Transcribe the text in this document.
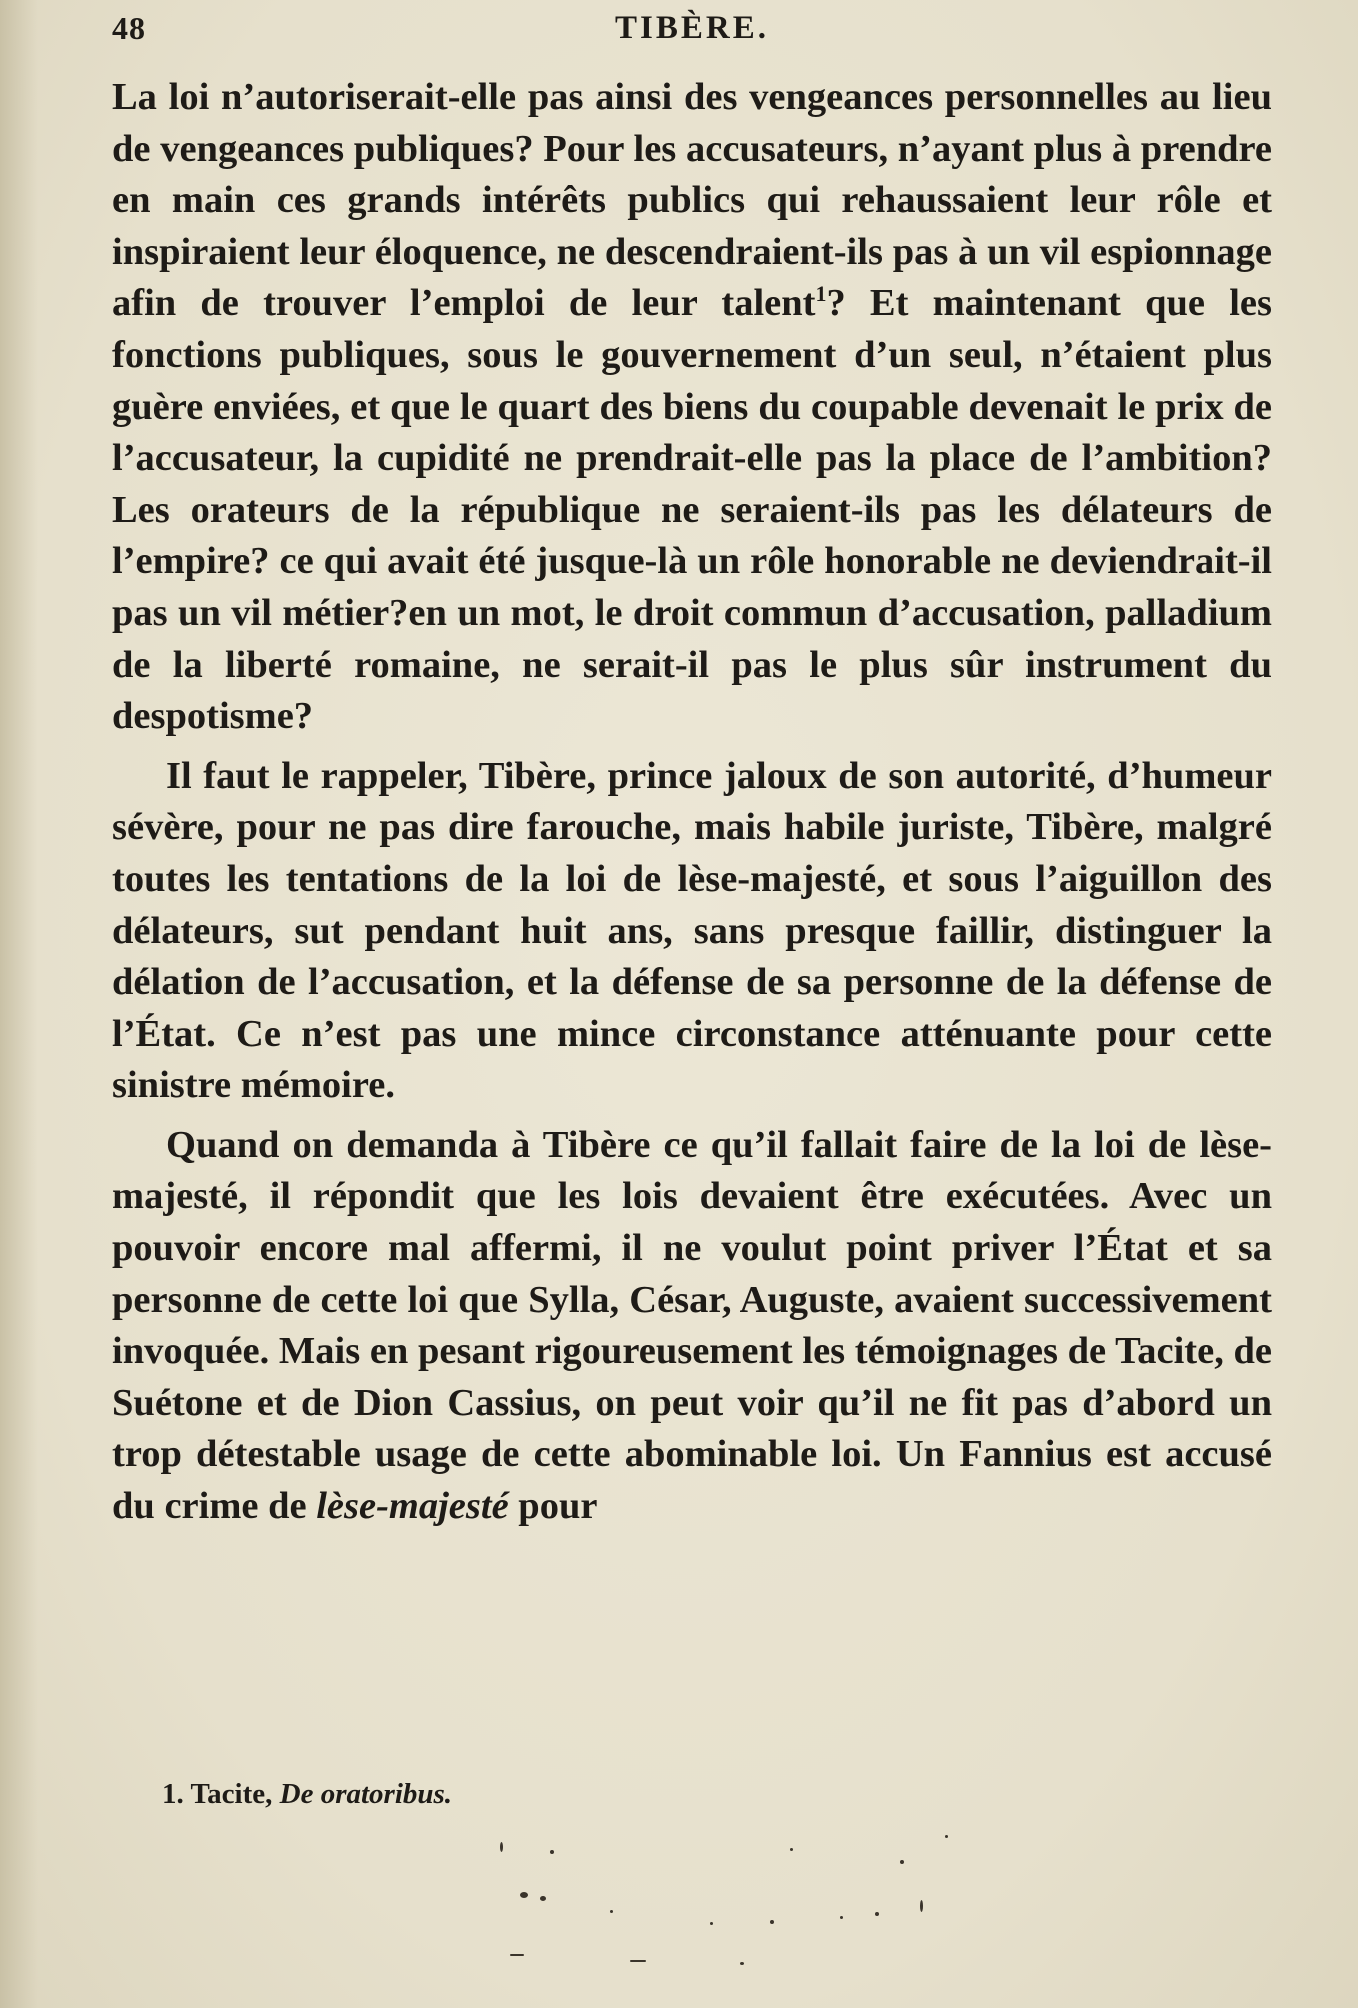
48	TIBÈRE.

La loi n’autoriserait-elle pas ainsi des vengeances personnelles au lieu de vengeances publiques? Pour les accusateurs, n’ayant plus à prendre en main ces grands intérêts publics qui rehaussaient leur rôle et inspiraient leur éloquence, ne descendraient-ils pas à un vil espionnage afin de trouver l’emploi de leur talent$^1$? Et maintenant que les fonctions publiques, sous le gouvernement d’un seul, n’étaient plus guère enviées, et que le quart des biens du coupable devenait le prix de l’accusateur, la cupidité ne prendrait-elle pas la place de l’ambition? Les orateurs de la république ne seraient-ils pas les délateurs de l’empire? ce qui avait été jusque-là un rôle honorable ne deviendrait-il pas un vil métier?en un mot, le droit commun d’accusation, palladium de la liberté romaine, ne serait-il pas le plus sûr instrument du despotisme?

Il faut le rappeler, Tibère, prince jaloux de son autorité, d’humeur sévère, pour ne pas dire farouche, mais habile juriste, Tibère, malgré toutes les tentations de la loi de lèse-majesté, et sous l’aiguillon des délateurs, sut pendant huit ans, sans presque faillir, distinguer la délation de l’accusation, et la défense de sa personne de la défense de l’État. Ce n’est pas une mince circonstance atténuante pour cette sinistre mémoire.

Quand on demanda à Tibère ce qu’il fallait faire de la loi de lèse-majesté, il répondit que les lois devaient être exécutées. Avec un pouvoir encore mal affermi, il ne voulut point priver l’État et sa personne de cette loi que Sylla, César, Auguste, avaient successivement invoquée. Mais en pesant rigoureusement les témoignages de Tacite, de Suétone et de Dion Cassius, on peut voir qu’il ne fit pas d’abord un trop détestable usage de cette abominable loi. Un Fannius est accusé du crime de lèse-majesté pour

1. Tacite, De oratoribus.
